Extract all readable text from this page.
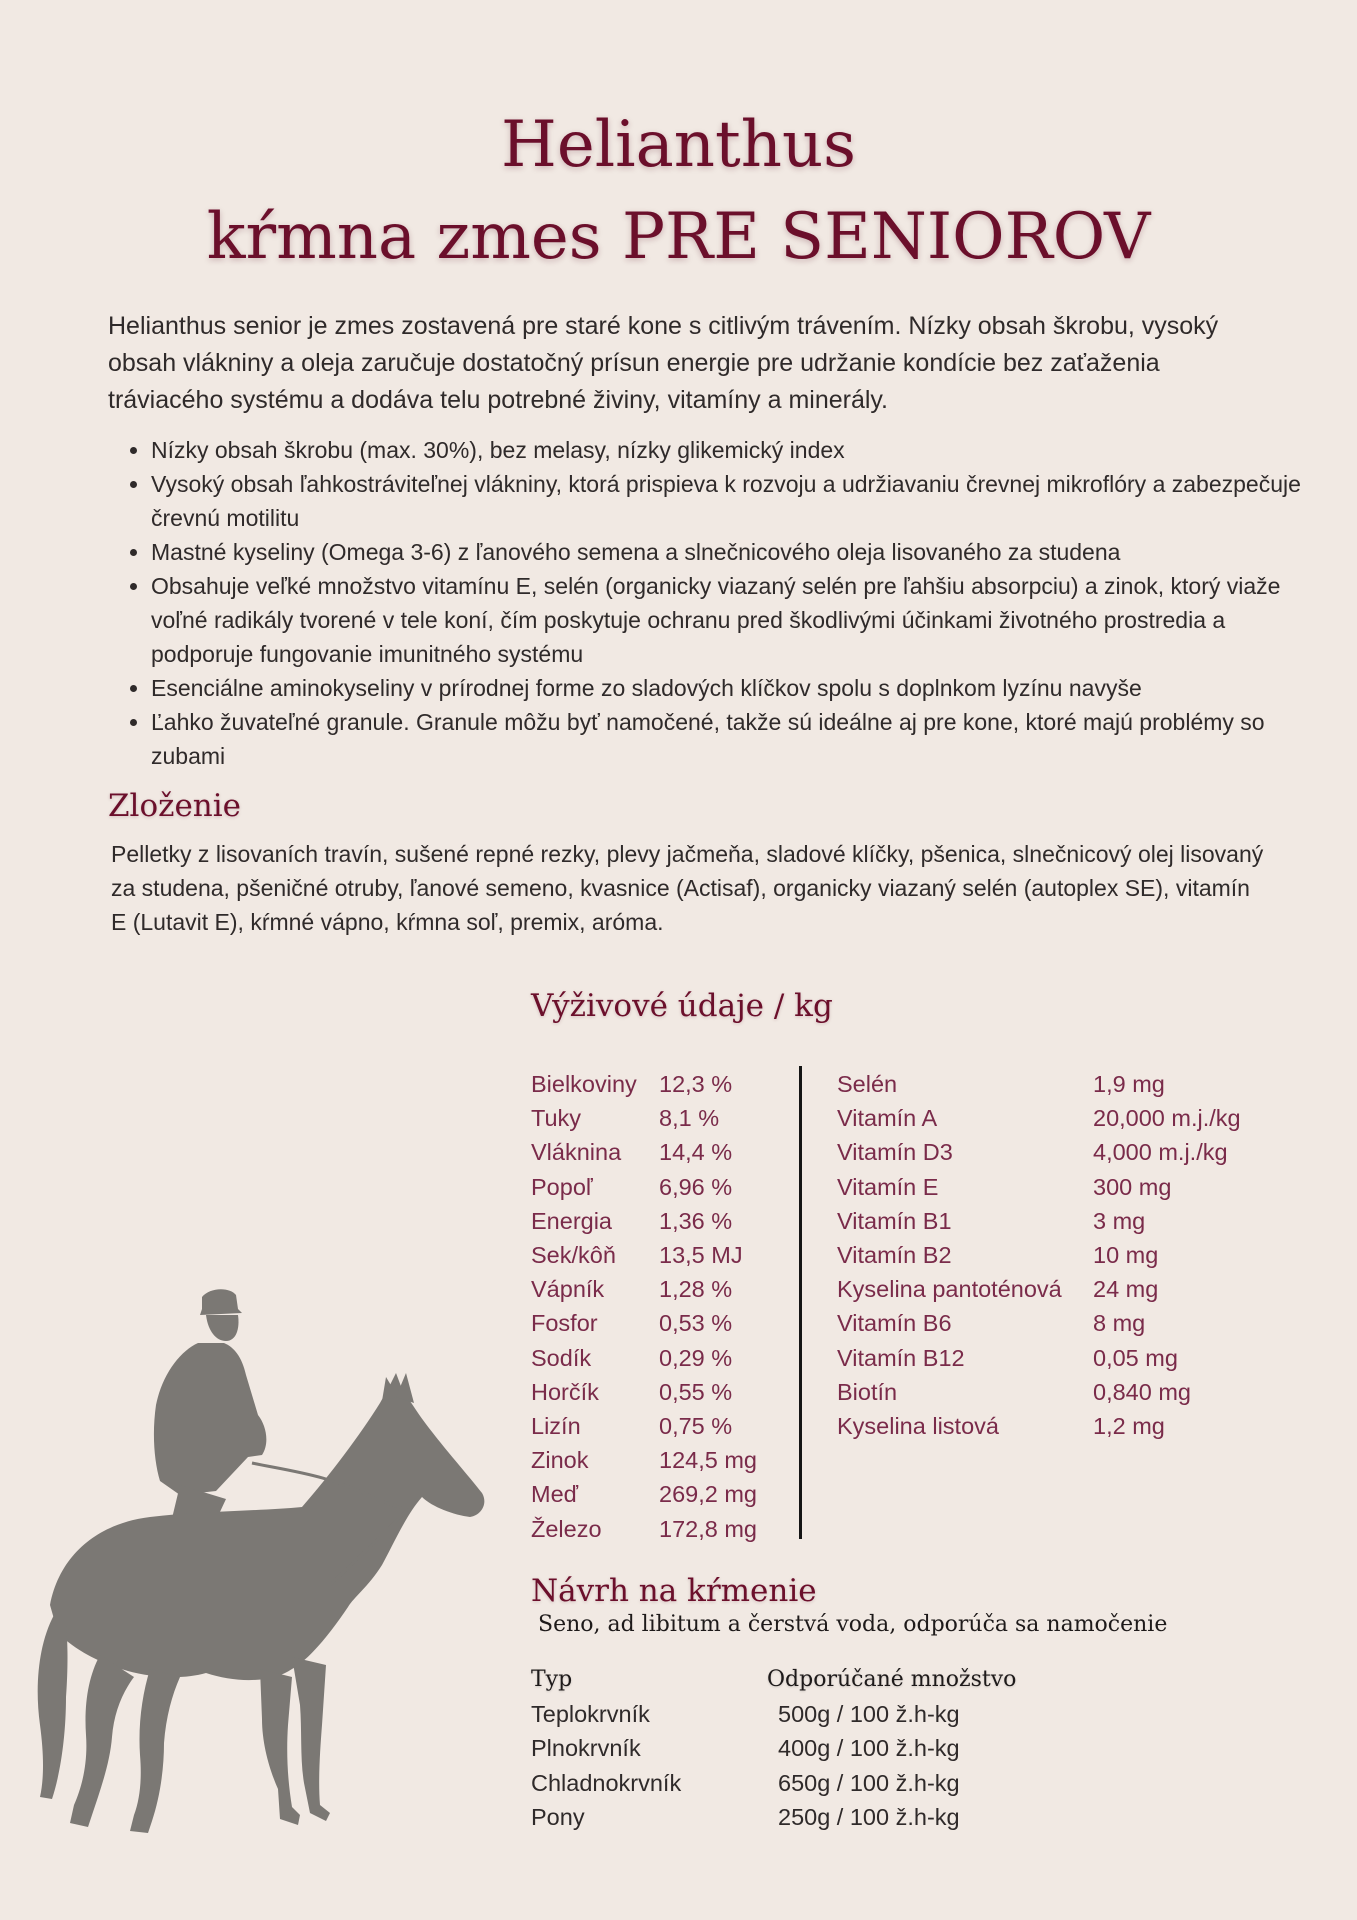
Helianthus
kŕmna zmes PRE SENIOROV

Helianthus senior je zmes zostavená pre staré kone s citlivým trávením. Nízky obsah škrobu, vysoký obsah vlákniny a oleja zaručuje dostatočný prísun energie pre udržanie kondície bez zaťaženia tráviacého systému a dodáva telu potrebné živiny, vitamíny a minerály.

• Nízky obsah škrobu (max. 30%), bez melasy, nízky glikemický index
• Vysoký obsah ľahkostráviteľnej vlákniny, ktorá prispieva k rozvoju a udržiavaniu črevnej mikroflóry a zabezpečuje črevnú motilitu
• Mastné kyseliny (Omega 3-6) z ľanového semena a slnečnicového oleja lisovaného za studena
• Obsahuje veľké množstvo vitamínu E, selén (organicky viazaný selén pre ľahšiu absorpciu) a zinok, ktorý viaže voľné radikály tvorené v tele koní, čím poskytuje ochranu pred škodlivými účinkami životného prostredia a podporuje fungovanie imunitného systému
• Esenciálne aminokyseliny v prírodnej forme zo sladových klíčkov spolu s doplnkom lyzínu navyše
• Ľahko žuvateľné granule. Granule môžu byť namočené, takže sú ideálne aj pre kone, ktoré majú problémy so zubami
Zloženie

Pelletky z lisovaních travín, sušené repné rezky, plevy jačmeňa, sladové klíčky, pšenica, slnečnicový olej lisovaný za studena, pšeničné otruby, ľanové semeno, kvasnice (Actisaf), organicky viazaný selén (autoplex SE), vitamín E (Lutavit E), kŕmné vápno, kŕmna soľ, premix, aróma.

Výživové údaje / kg
Bielkoviny 12,3 %
Tuky	8,1 %
Vláknina	14,4 %
Popoľ	6,96 %
Energia	1,36 %
Sek/kôň	13,5 MJ
Vápník	1,28 %
Fosfor	0,53 %
Sodík	0,29 %
Horčík	0,55 %
Lizín	0,75 %
Zinok	124,5 mg
Meď	269,2 mg
Železo	172,8 mg
Selén	1,9 mg
Vitamín A	20,000 m.j./kg
Vitamín D3	4,000 m.j./kg
Vitamín E	300 mg
Vitamín B1	3 mg
Vitamín B2	10 mg
Kyselina pantoténová	24 mg
Vitamín B6	8 mg
Vitamín B12	0,05 mg
Biotín	0,840 mg
Kyselina listová	1,2 mg
Návrh na kŕmenie

Seno, ad libitum a čerstvá voda, odporúča sa namočenie

Typ	Odporúčané množstvo
Teplokrvník	500g / 100 ž.h-kg
Plnokrvník	400g / 100 ž.h-kg
Chladnokrvník	650g / 100 ž.h-kg
Pony	250g / 100 ž.h-kg
